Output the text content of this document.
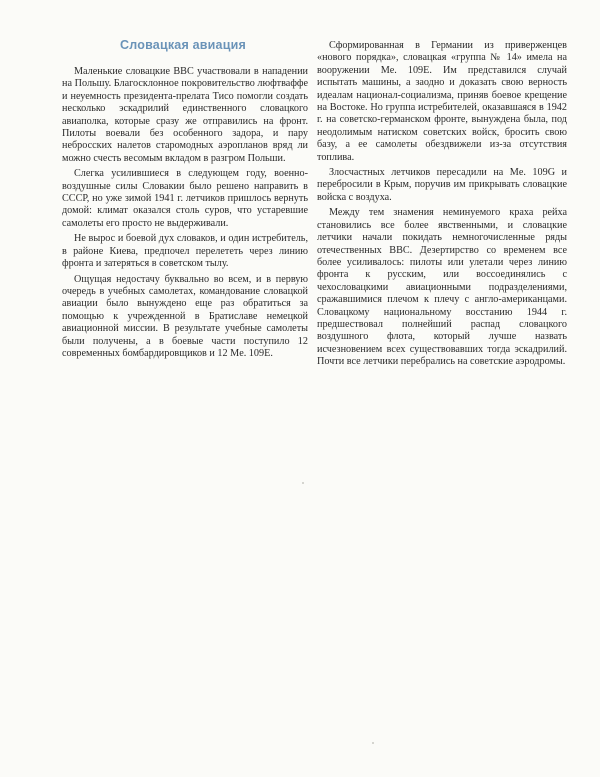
Словацкая авиация

Маленькие словацкие ВВС участвовали в нападении на Польшу. Благосклонное покровительство люфтваффе и неуемность президента-прелата Тисо помогли создать несколько эскадрилий единственного словацкого авиаполка, которые сразу же отправились на фронт. Пилоты воевали без особенного задора, и пару небросских налетов старомодных аэропланов вряд ли можно счесть весомым вкладом в разгром Польши.

Слегка усилившиеся в следующем году, военно-воздушные силы Словакии было решено направить в СССР, но уже зимой 1941 г. летчиков пришлось вернуть домой: климат оказался столь суров, что устаревшие самолеты его просто не выдерживали.

Не вырос и боевой дух словаков, и один истребитель, в районе Киева, предпочел перелететь через линию фронта и затеряться в советском тылу.

Ощущая недостачу буквально во всем, и в первую очередь в учебных самолетах, командование словацкой авиации было вынуждено еще раз обратиться за помощью к учрежденной в Братиславе немецкой авиационной миссии. В результате учебные самолеты были получены, а в боевые части поступило 12 современных бомбардировщиков и 12 Me. 109E.

Сформированная в Германии из приверженцев «нового порядка», словацкая «группа № 14» имела на вооружении Me. 109E. Им представился случай испытать машины, а заодно и доказать свою верность идеалам национал-социализма, приняв боевое крещение на Востоке. Но группа истребителей, оказавшаяся в 1942 г. на советско-германском фронте, вынуждена была, под неодолимым натиском советских войск, бросить свою базу, а ее самолеты обездвижели из-за отсутствия топлива.

Злосчастных летчиков пересадили на Me. 109G и перебросили в Крым, поручив им прикрывать словацкие войска с воздуха.

Между тем знамения неминуемого краха рейха становились все более явственными, и словацкие летчики начали покидать немногочисленные ряды отечественных ВВС. Дезертирство со временем все более усиливалось: пилоты или улетали через линию фронта к русским, или воссоединялись с чехословацкими авиационными подразделениями, сражавшимися плечом к плечу с англо-американцами. Словацкому национальному восстанию 1944 г. предшествовал полнейший распад словацкого воздушного флота, который лучше назвать исчезновением всех существовавших тогда эскадрилий. Почти все летчики перебрались на советские аэродромы.
